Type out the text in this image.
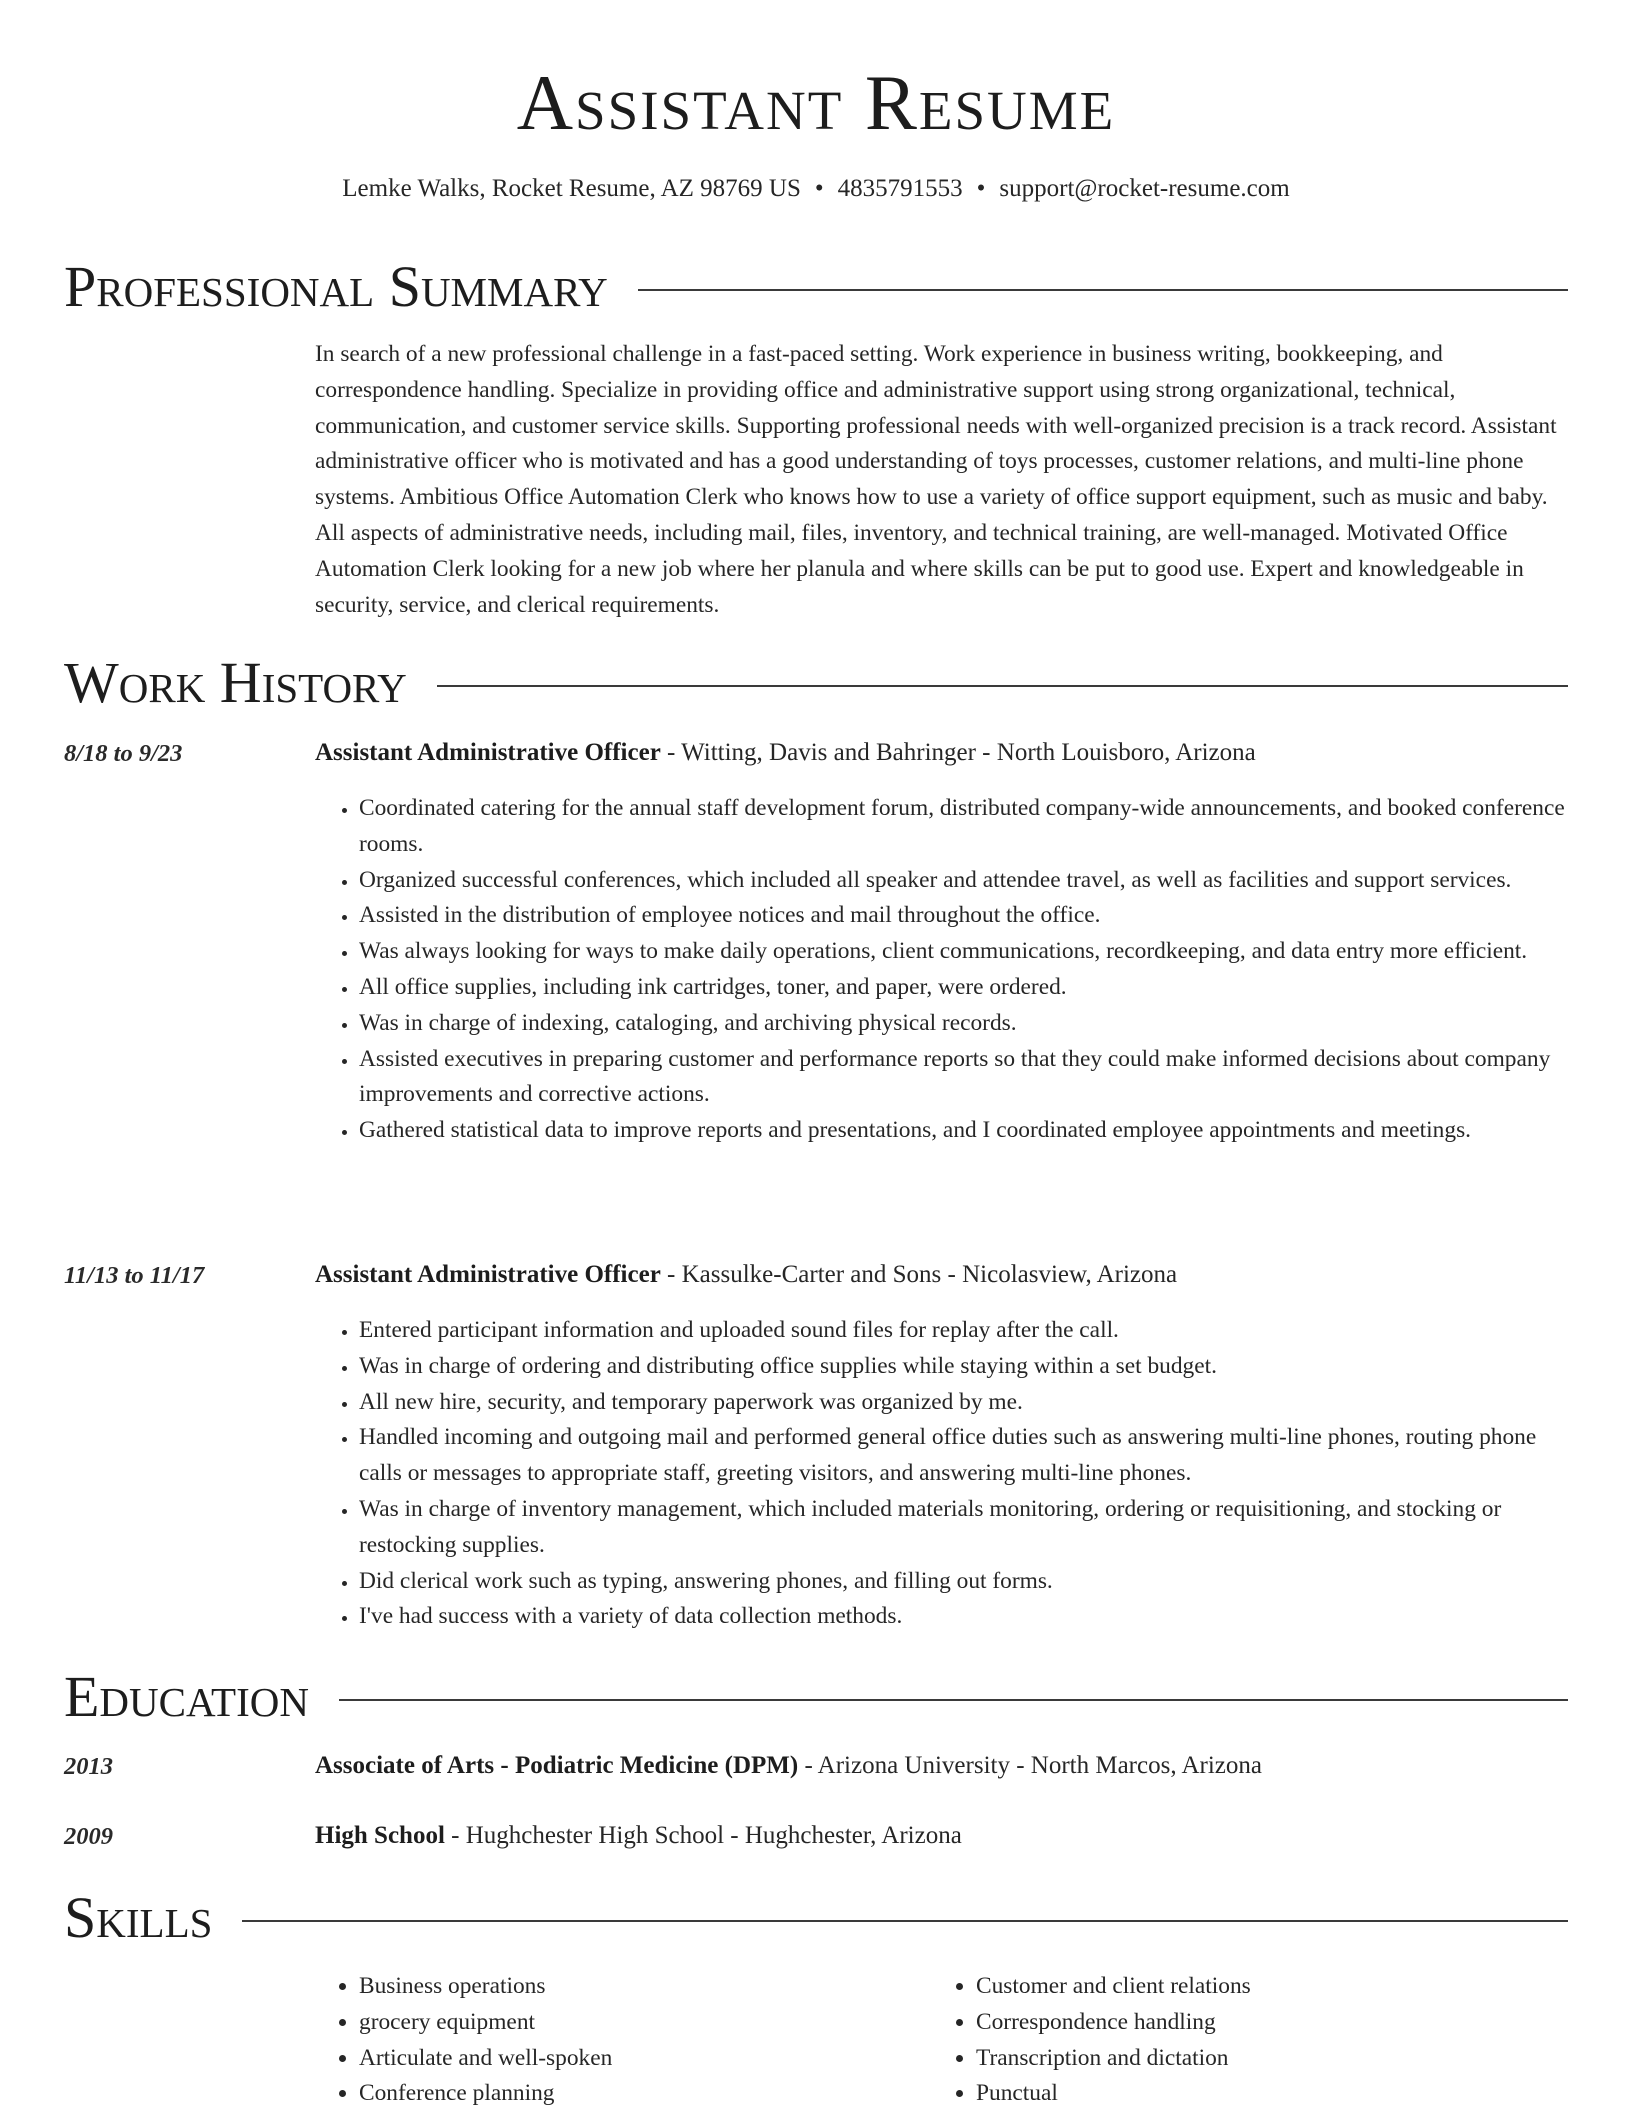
Assistant Resume
Lemke Walks, Rocket Resume, AZ 98769 US • 4835791553 • support@rocket-resume.com
Professional Summary

In search of a new professional challenge in a fast-paced setting. Work experience in business writing, bookkeeping, and correspondence handling. Specialize in providing office and administrative support using strong organizational, technical, communication, and customer service skills. Supporting professional needs with well-organized precision is a track record. Assistant administrative officer who is motivated and has a good understanding of toys processes, customer relations, and multi-line phone systems. Ambitious Office Automation Clerk who knows how to use a variety of office support equipment, such as music and baby. All aspects of administrative needs, including mail, files, inventory, and technical training, are well-managed. Motivated Office Automation Clerk looking for a new job where her planula and where skills can be put to good use. Expert and knowledgeable in security, service, and clerical requirements.

Work History
8/18 to 9/23	Assistant Administrative Officer - Witting, Davis and Bahringer - North Louisboro, Arizona
• Coordinated catering for the annual staff development forum, distributed company-wide announcements, and booked conference rooms.
• Organized successful conferences, which included all speaker and attendee travel, as well as facilities and support services.
• Assisted in the distribution of employee notices and mail throughout the office.
• Was always looking for ways to make daily operations, client communications, recordkeeping, and data entry more efficient.
• All office supplies, including ink cartridges, toner, and paper, were ordered.
• Was in charge of indexing, cataloging, and archiving physical records.
• Assisted executives in preparing customer and performance reports so that they could make informed decisions about company improvements and corrective actions.
• Gathered statistical data to improve reports and presentations, and I coordinated employee appointments and meetings.
11/13 to 11/17	Assistant Administrative Officer - Kassulke-Carter and Sons - Nicolasview, Arizona
• Entered participant information and uploaded sound files for replay after the call.
• Was in charge of ordering and distributing office supplies while staying within a set budget.
• All new hire, security, and temporary paperwork was organized by me.
• Handled incoming and outgoing mail and performed general office duties such as answering multi-line phones, routing phone calls or messages to appropriate staff, greeting visitors, and answering multi-line phones.
• Was in charge of inventory management, which included materials monitoring, ordering or requisitioning, and stocking or restocking supplies.
• Did clerical work such as typing, answering phones, and filling out forms.
• I've had success with a variety of data collection methods.
Education
2013	Associate of Arts - Podiatric Medicine (DPM) - Arizona University - North Marcos, Arizona
2009	High School - Hughchester High School - Hughchester, Arizona
Skills
• Business operations
• grocery equipment
• Articulate and well-spoken
• Conference planning
• Customer and client relations
• Correspondence handling
• Transcription and dictation
• Punctual
